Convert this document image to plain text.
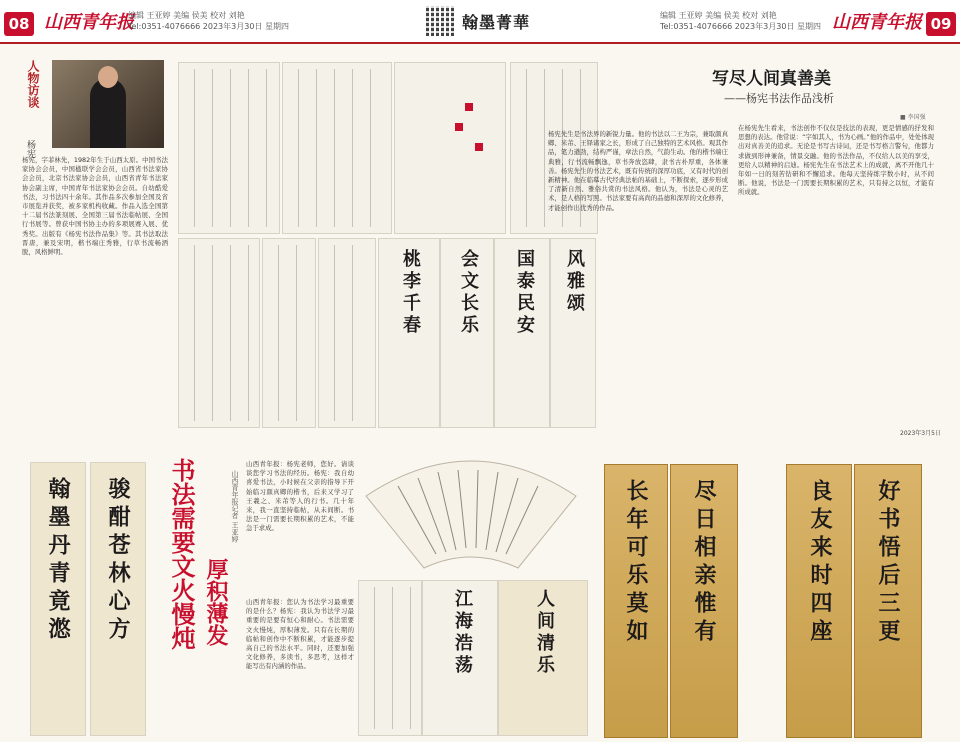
08 山西青年报
编辑 王亚婷 美编 侯美 校对 刘艳
Tel:0351-4076666 2023年3月30日 星期四	翰墨菁華	编辑 王亚婷 美编 侯美 校对 刘艳
Tel:0351-4076666 2023年3月30日 星期四 山西青年报 09
人物访谈
杨宪
杨宪，字菲林先，1982年生于山西太原。中国书法家协会会员，中国楹联学会会员，山西省书法家协会会员，北京书法家协会会员，山西省青年书法家协会副主席，中国青年书法家协会会员。自幼酷爱书法，习书法四十余年。其作品多次参加全国及省市展览并获奖，被多家机构收藏。作品入选全国第十二届书法篆刻展、全国第三届书法临帖展、全国行书展等。曾获中国书协主办的多项展赛入展、优秀奖。出版有《杨宪书法作品集》等。其书法取法晋唐，兼及宋明，楷书端庄秀雅，行草书流畅洒脱，风格鲜明。	桃李千春 会文长乐 国泰民安 风雅颂
写尽人间真善美
——杨宪书法作品浅析
■ 李国强
杨宪先生是书法界的新锐力量。他的书法以二王为宗，兼取颜真卿、米芾、王铎诸家之长，形成了自己独特的艺术风格。观其作品，笔力遒劲，结构严谨，章法自然，气韵生动。他的楷书端庄典雅，行书流畅飘逸，草书奔放恣肆，隶书古朴厚重，各体兼善。杨宪先生的书法艺术，既有传统的深厚功底，又有时代的创新精神。他在临摹古代经典法帖的基础上，不断探索，逐步形成了清新自然、雅俗共赏的书法风格。他认为，书法是心灵的艺术，是人格的写照。书法家要有高尚的品德和深厚的文化修养，才能创作出优秀的作品。
在杨宪先生看来，书法创作不仅仅是技法的表现，更是情感的抒发和思想的表达。他常说：“字如其人，书为心画。”他的作品中，处处体现出对真善美的追求。无论是书写古诗词，还是书写格言警句，他都力求做到形神兼备，情景交融。他的书法作品，不仅给人以美的享受，更给人以精神的启迪。杨宪先生在书法艺术上的成就，离不开他几十年如一日的刻苦钻研和不懈追求。他每天坚持练字数小时，从不间断。他说，书法是一门需要长期积累的艺术，只有持之以恒，才能有所成就。
2023年3月5日
翰墨丹青竟滺 骏酣苍林心方 书法需要文火慢炖 厚积薄发
山西青年报记者 王亚婷
山西青年报：杨宪老师，您好。请谈谈您学习书法的经历。杨宪：我自幼喜爱书法，小时候在父亲的指导下开始临习颜真卿的楷书，后来又学习了王羲之、米芾等人的行书。几十年来，我一直坚持临帖，从未间断。书法是一门需要长期积累的艺术，不能急于求成。
山西青年报：您认为书法学习最重要的是什么？杨宪：我认为书法学习最重要的是要有恒心和耐心。书法需要文火慢炖，厚积薄发。只有在长期的临帖和创作中不断积累，才能逐步提高自己的书法水平。同时，还要加强文化修养，多读书，多思考，这样才能写出有内涵的作品。	江海浩荡	人间清乐	长年可乐莫如 尽日相亲惟有	良友来时四座 好书悟后三更
